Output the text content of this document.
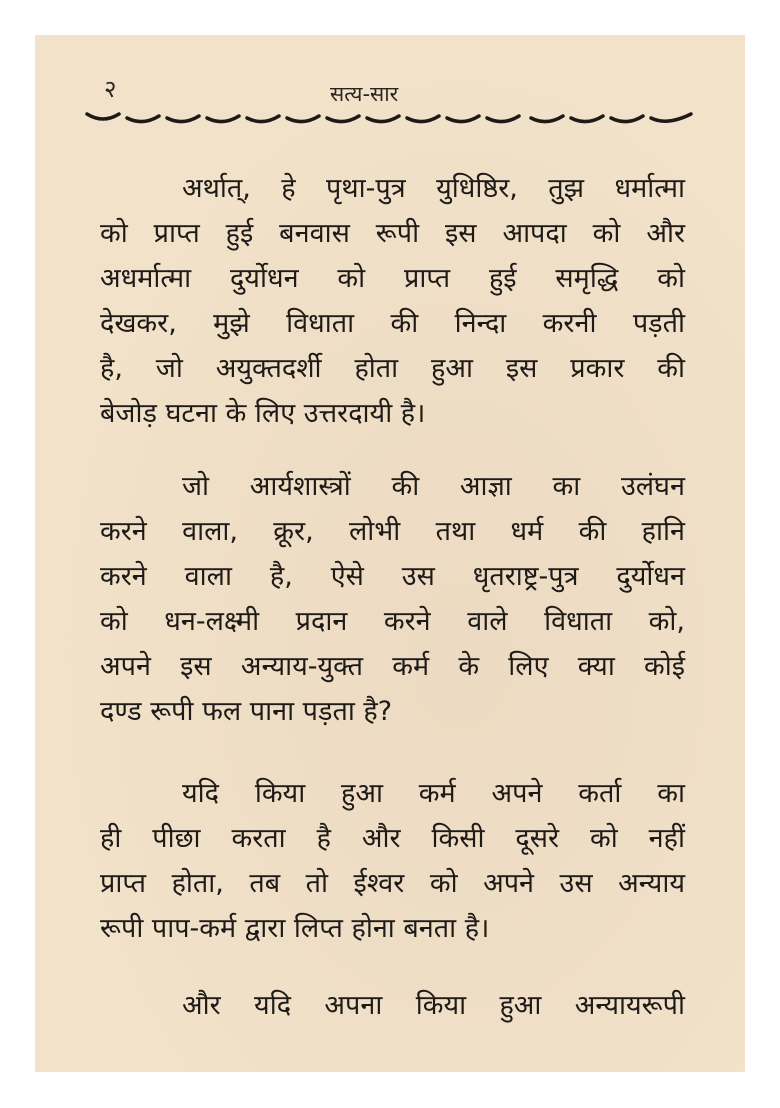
२	सत्य-सार
अर्थात्, हे पृथा-पुत्र युधिष्ठिर, तुझ धर्मात्मा
को प्राप्त हुई बनवास रूपी इस आपदा को और
अधर्मात्मा दुर्योधन को प्राप्त हुई समृद्धि को
देखकर, मुझे विधाता की निन्दा करनी पड़ती
है, जो अयुक्तदर्शी होता हुआ इस प्रकार की
बेजोड़ घटना के लिए उत्तरदायी है।
जो आर्यशास्त्रों की आज्ञा का उलंघन
करने वाला, क्रूर, लोभी तथा धर्म की हानि
करने वाला है, ऐसे उस धृतराष्ट्र-पुत्र दुर्योधन
को धन-लक्ष्मी प्रदान करने वाले विधाता को,
अपने इस अन्याय-युक्त कर्म के लिए क्या कोई
दण्ड रूपी फल पाना पड़ता है?
यदि किया हुआ कर्म अपने कर्ता का
ही पीछा करता है और किसी दूसरे को नहीं
प्राप्त होता, तब तो ईश्वर को अपने उस अन्याय
रूपी पाप-कर्म द्वारा लिप्त होना बनता है।
और यदि अपना किया हुआ अन्यायरूपी
